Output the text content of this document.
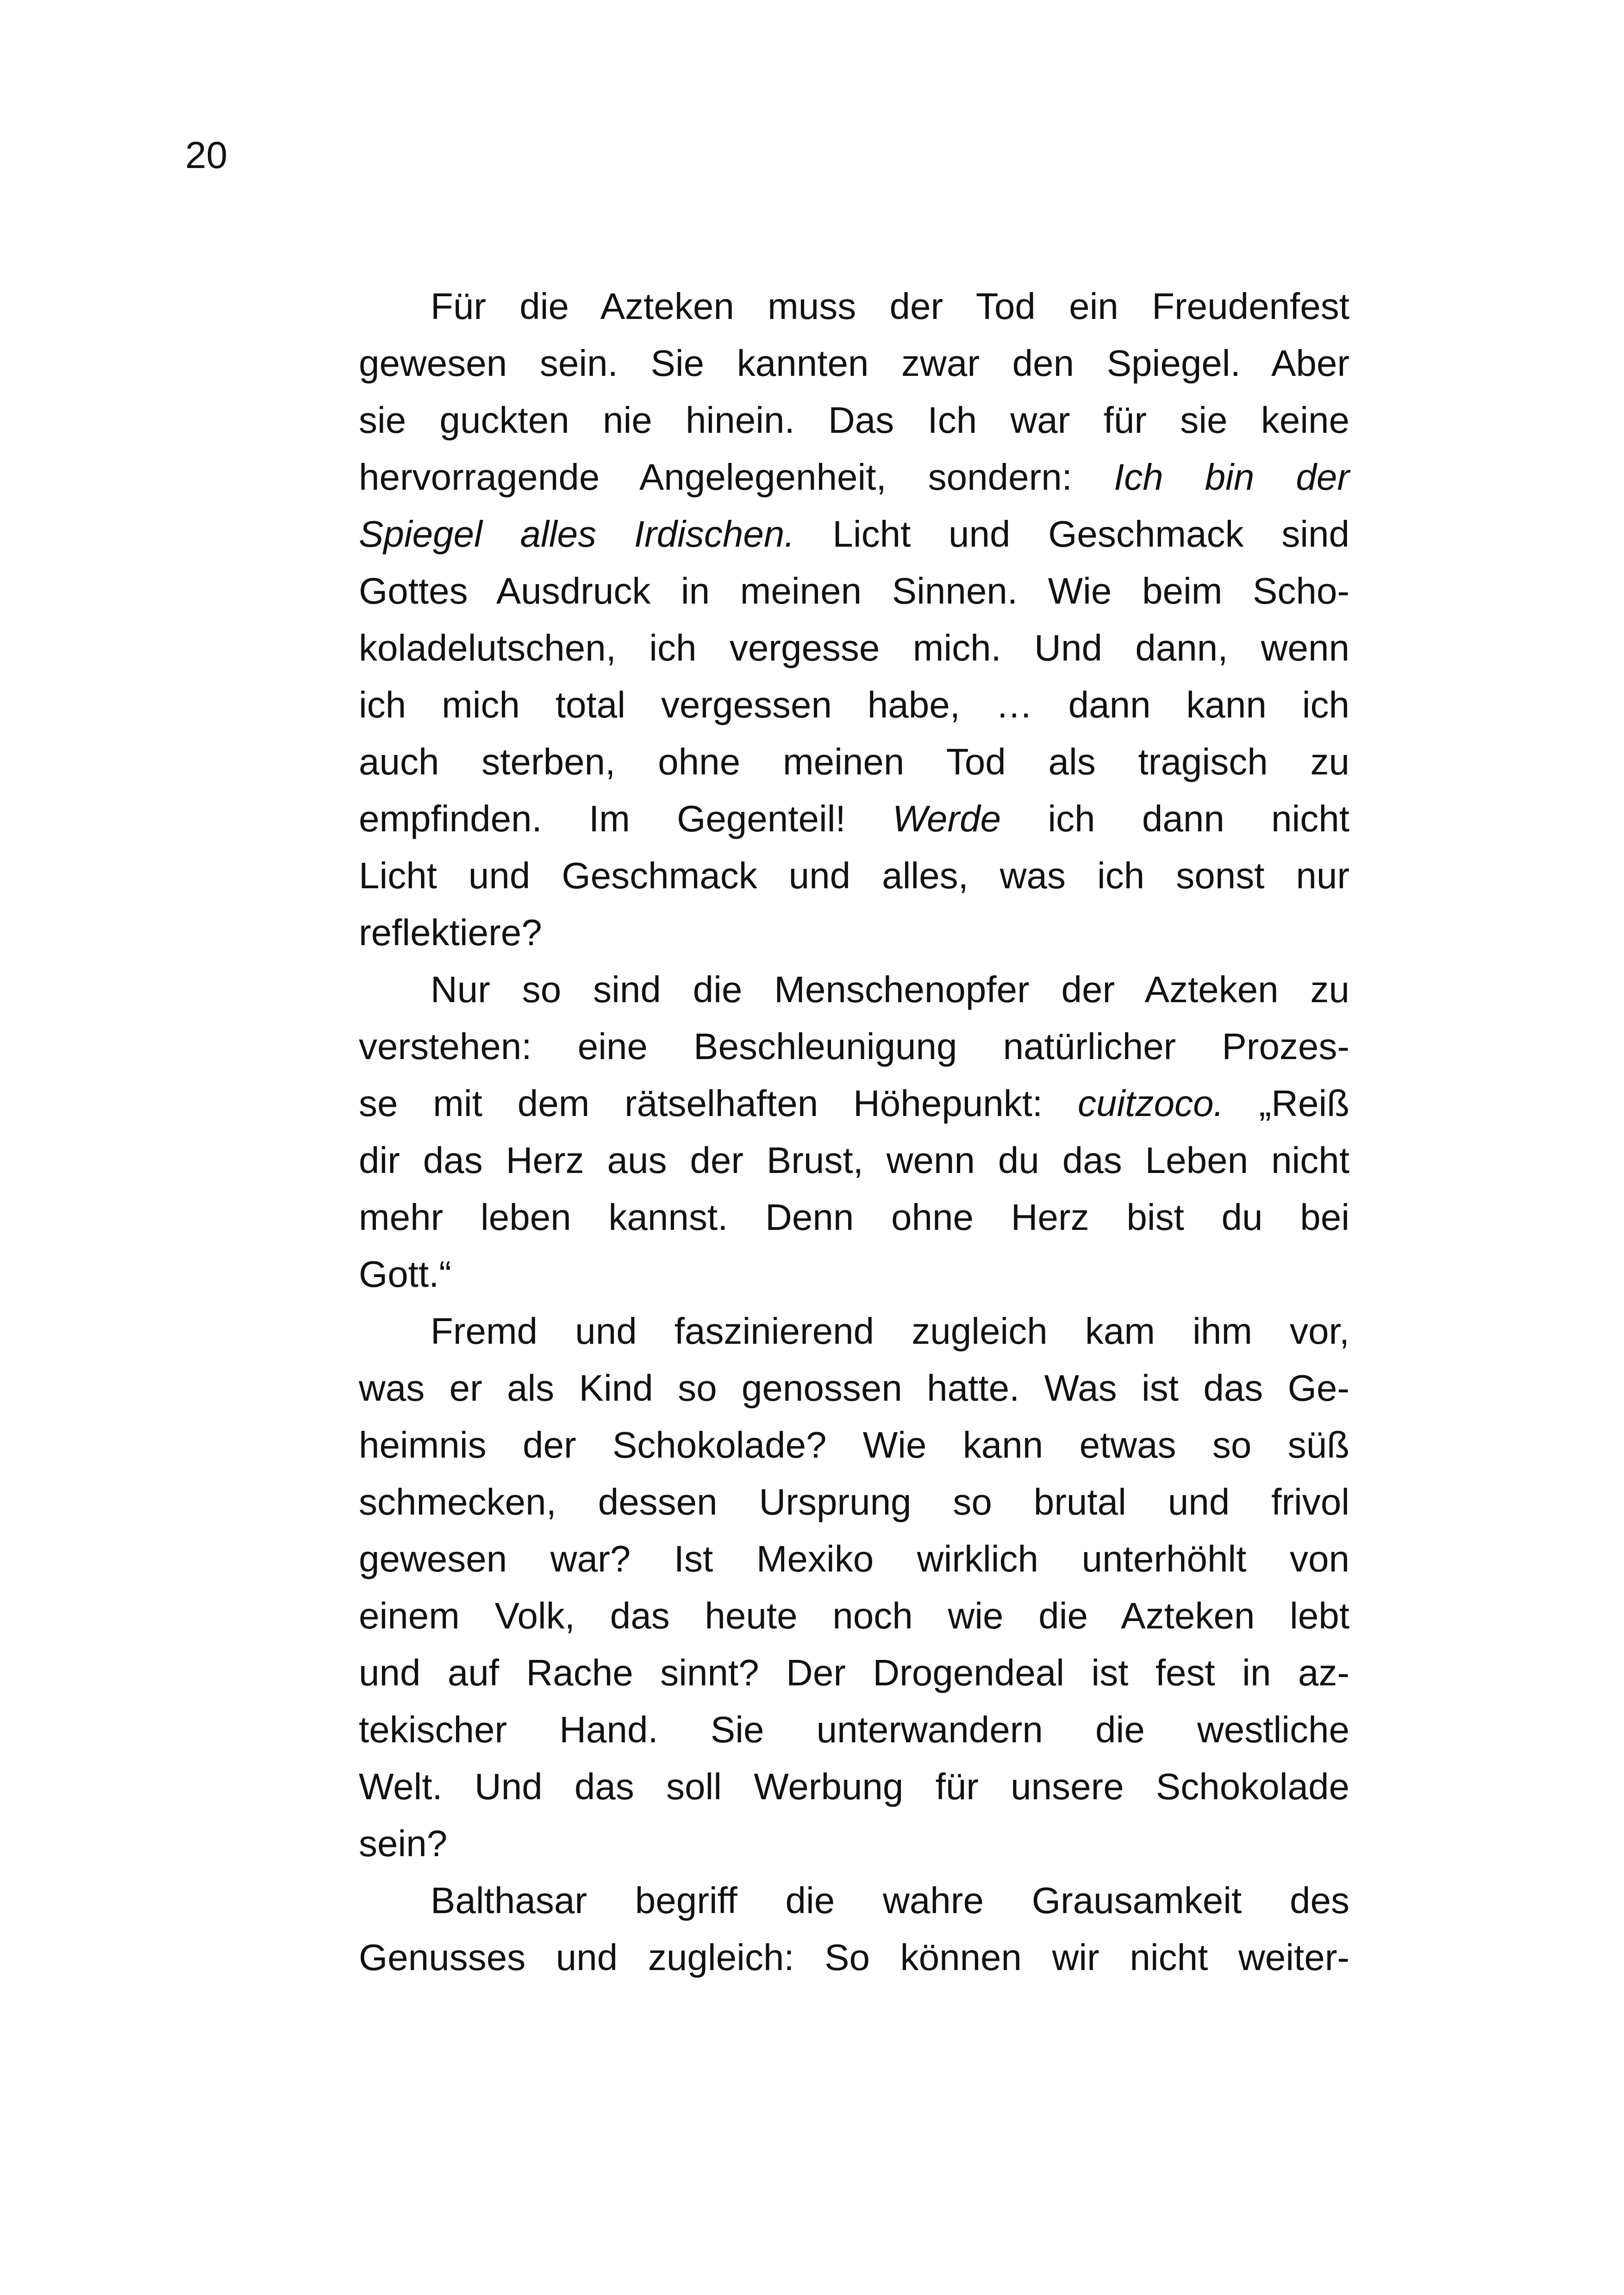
20
Für die Azteken muss der Tod ein Freudenfest
gewesen sein. Sie kannten zwar den Spiegel. Aber
sie guckten nie hinein. Das Ich war für sie keine
hervorragende Angelegenheit, sondern: Ich bin der
Spiegel alles Irdischen. Licht und Geschmack sind
Gottes Ausdruck in meinen Sinnen. Wie beim Scho-
koladelutschen, ich vergesse mich. Und dann, wenn
ich mich total vergessen habe, … dann kann ich
auch sterben, ohne meinen Tod als tragisch zu
empfinden. Im Gegenteil! Werde ich dann nicht
Licht und Geschmack und alles, was ich sonst nur
reflektiere?
Nur so sind die Menschenopfer der Azteken zu
verstehen: eine Beschleunigung natürlicher Prozes-
se mit dem rätselhaften Höhepunkt: cuitzoco. „Reiß
dir das Herz aus der Brust, wenn du das Leben nicht
mehr leben kannst. Denn ohne Herz bist du bei
Gott.“
Fremd und faszinierend zugleich kam ihm vor,
was er als Kind so genossen hatte. Was ist das Ge-
heimnis der Schokolade? Wie kann etwas so süß
schmecken, dessen Ursprung so brutal und frivol
gewesen war? Ist Mexiko wirklich unterhöhlt von
einem Volk, das heute noch wie die Azteken lebt
und auf Rache sinnt? Der Drogendeal ist fest in az-
tekischer Hand. Sie unterwandern die westliche
Welt. Und das soll Werbung für unsere Schokolade
sein?
Balthasar begriff die wahre Grausamkeit des
Genusses und zugleich: So können wir nicht weiter-
